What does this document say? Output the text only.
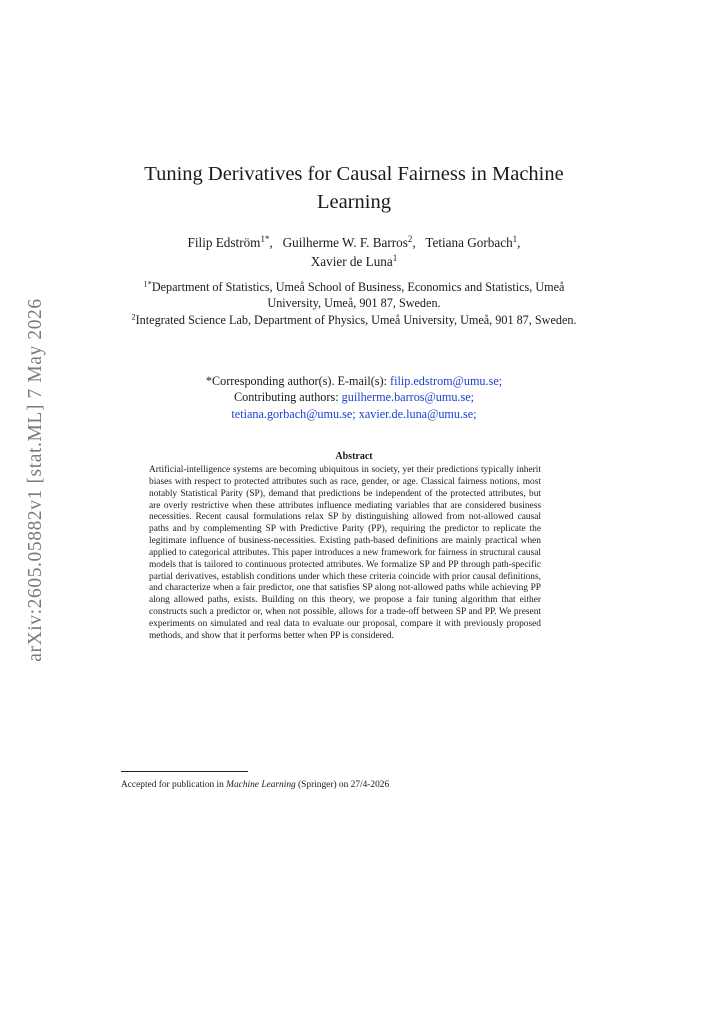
arXiv:2605.05882v1 [stat.ML] 7 May 2026
Tuning Derivatives for Causal Fairness in Machine Learning
Filip Edström$^{1*}$,   Guilherme W. F. Barros$^2$,   Tetiana Gorbach$^1$,
Xavier de Luna$^1$
$^{1*}$Department of Statistics, Umeå School of Business, Economics and Statistics, Umeå University, Umeå, 901 87, Sweden.
$^2$Integrated Science Lab, Department of Physics, Umeå University, Umeå, 901 87, Sweden.
*Corresponding author(s). E-mail(s): filip.edstrom@umu.se;
Contributing authors: guilherme.barros@umu.se;
tetiana.gorbach@umu.se; xavier.de.luna@umu.se;
Abstract
Artificial-intelligence systems are becoming ubiquitous in society, yet their predictions typically inherit biases with respect to protected attributes such as race, gender, or age. Classical fairness notions, most notably Statistical Parity (SP), demand that predictions be independent of the protected attributes, but are overly restrictive when these attributes influence mediating variables that are considered business necessities. Recent causal formulations relax SP by distinguishing allowed from not-allowed causal paths and by complementing SP with Predictive Parity (PP), requiring the predictor to replicate the legitimate influence of business-necessities. Existing path-based definitions are mainly practical when applied to categorical attributes. This paper introduces a new framework for fairness in structural causal models that is tailored to continuous protected attributes. We formalize SP and PP through path-specific partial derivatives, establish conditions under which these criteria coincide with prior causal definitions, and characterize when a fair predictor, one that satisfies SP along not-allowed paths while achieving PP along allowed paths, exists. Building on this theory, we propose a fair tuning algorithm that either constructs such a predictor or, when not possible, allows for a trade-off between SP and PP. We present experiments on simulated and real data to evaluate our proposal, compare it with previously proposed methods, and show that it performs better when PP is considered.
Accepted for publication in Machine Learning (Springer) on 27/4-2026
